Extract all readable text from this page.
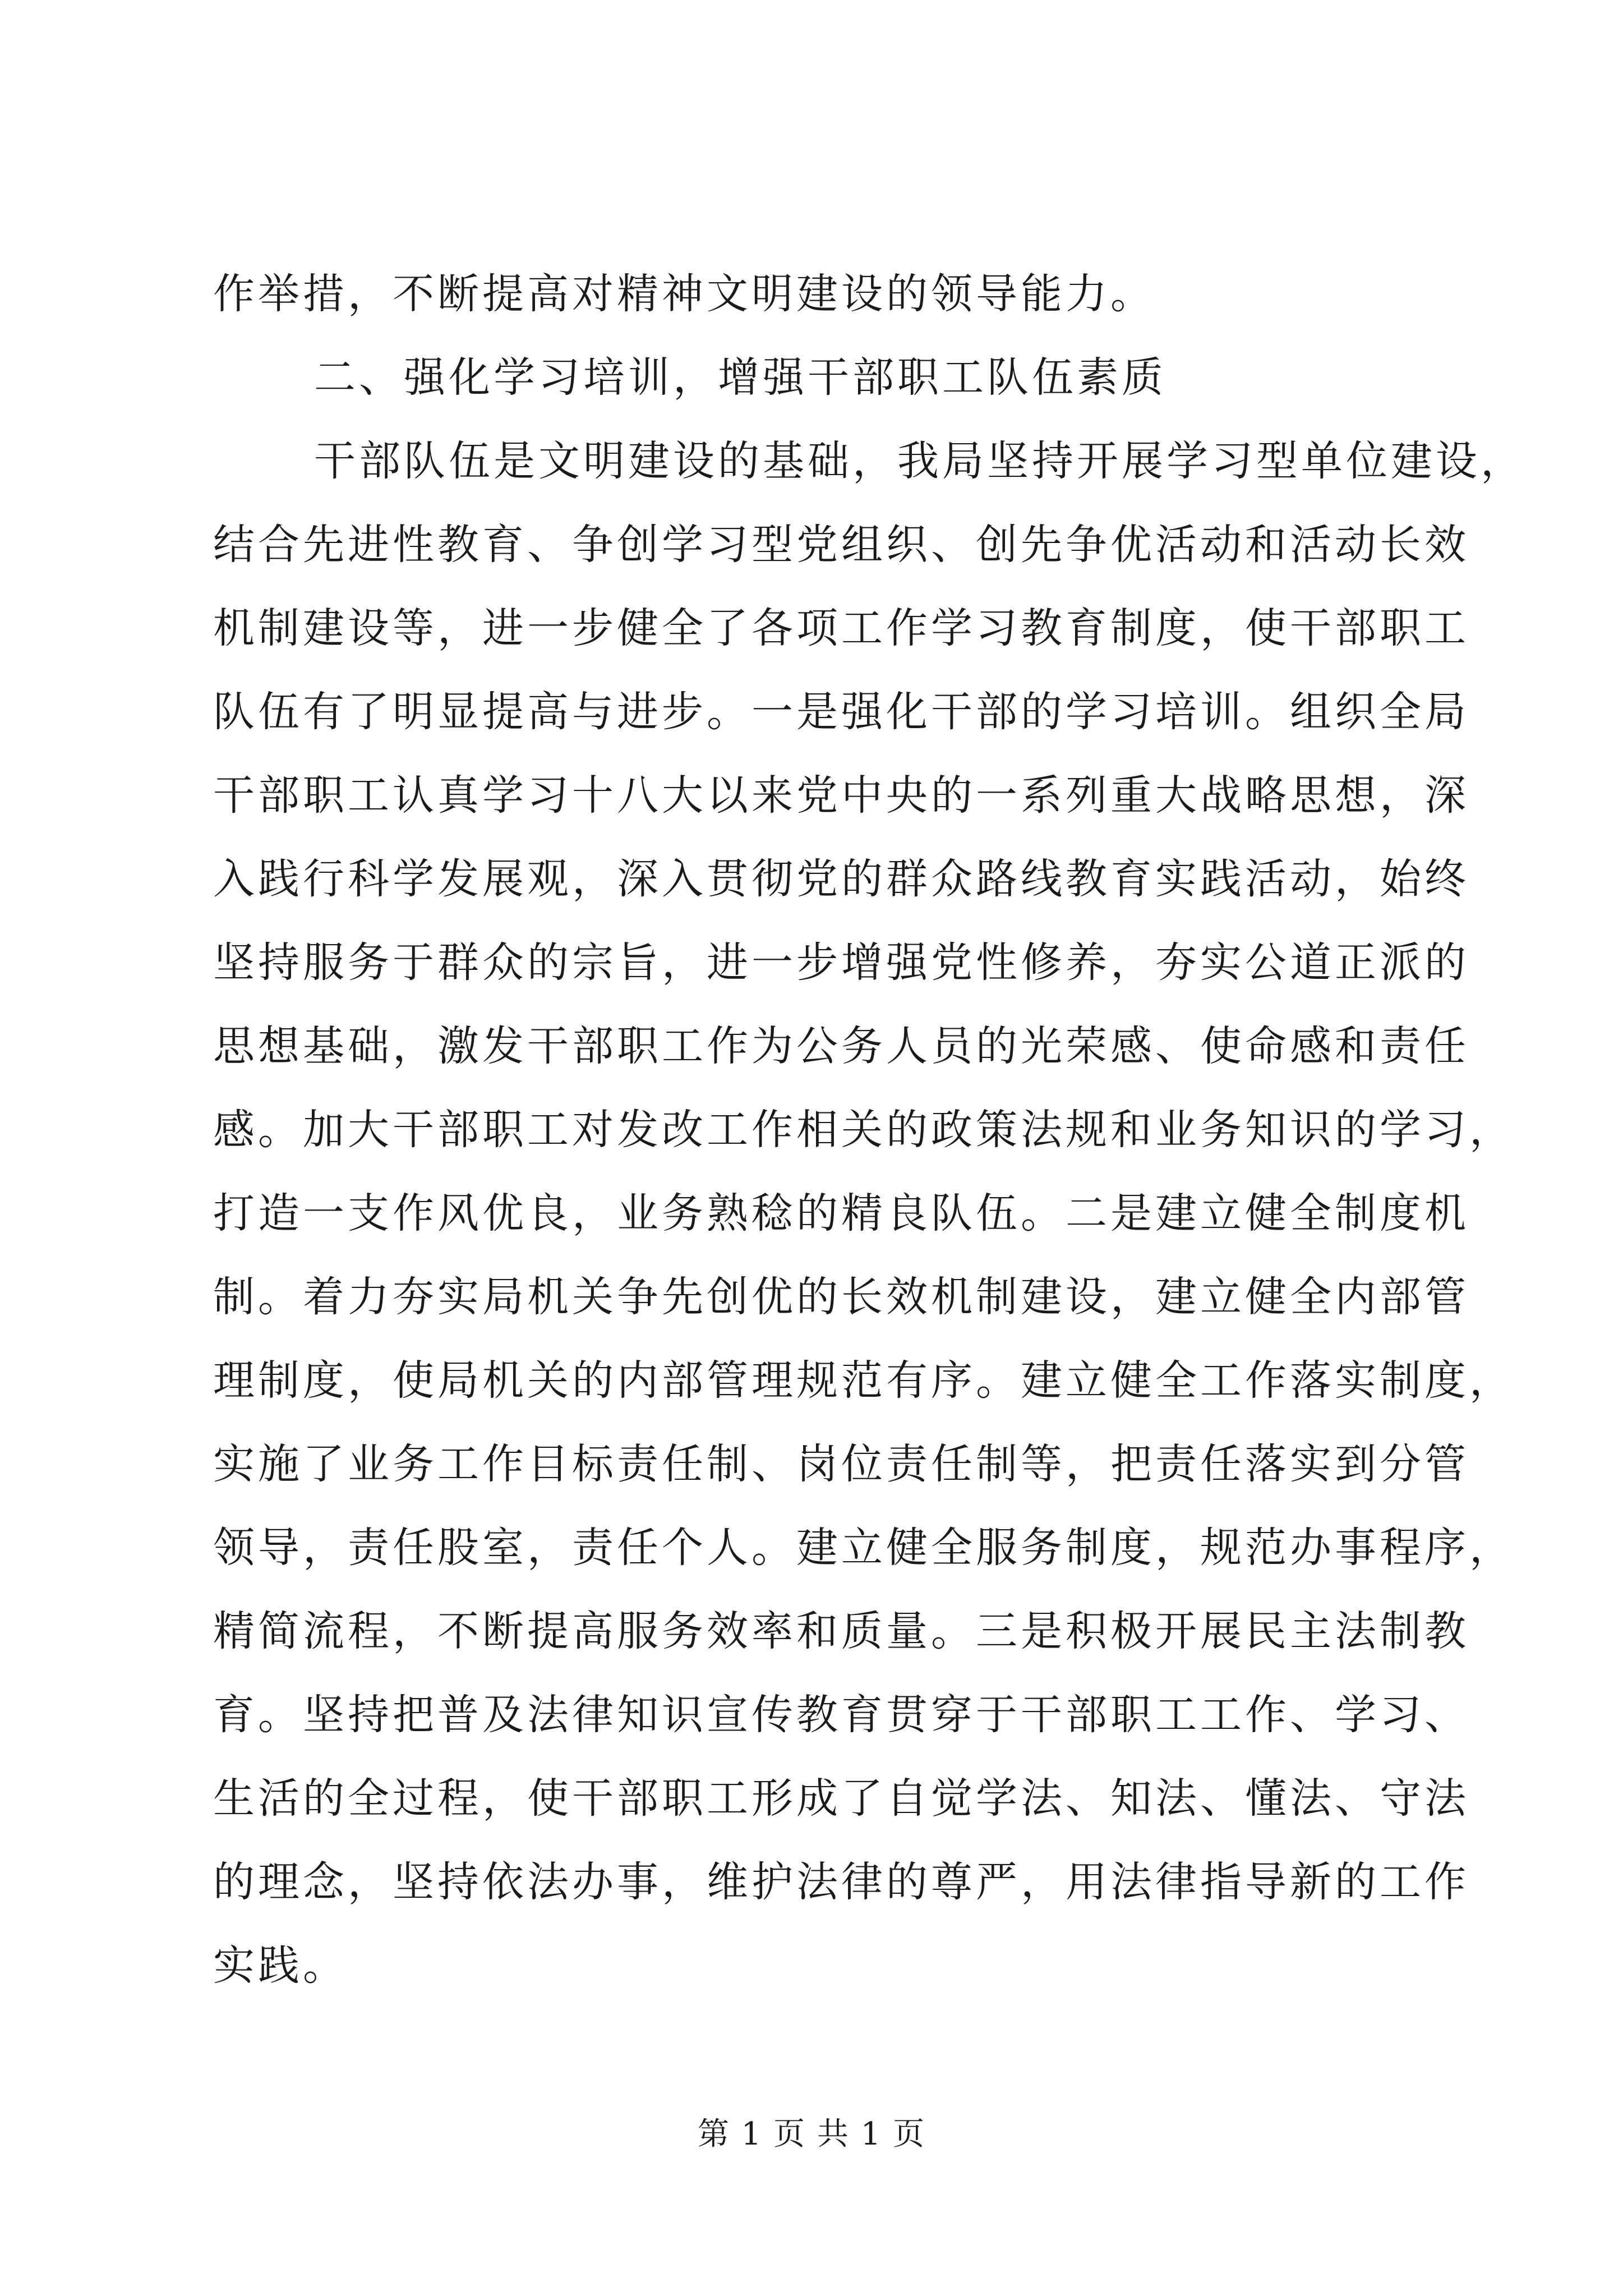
作举措，不断提高对精神文明建设的领导能力。
二、强化学习培训，增强干部职工队伍素质
干部队伍是文明建设的基础，我局坚持开展学习型单位建设，
结合先进性教育、争创学习型党组织、创先争优活动和活动长效
机制建设等，进一步健全了各项工作学习教育制度，使干部职工
队伍有了明显提高与进步。一是强化干部的学习培训。组织全局
干部职工认真学习十八大以来党中央的一系列重大战略思想，深
入践行科学发展观，深入贯彻党的群众路线教育实践活动，始终
坚持服务于群众的宗旨，进一步增强党性修养，夯实公道正派的
思想基础，激发干部职工作为公务人员的光荣感、使命感和责任
感。加大干部职工对发改工作相关的政策法规和业务知识的学习，
打造一支作风优良，业务熟稔的精良队伍。二是建立健全制度机
制。着力夯实局机关争先创优的长效机制建设，建立健全内部管
理制度，使局机关的内部管理规范有序。建立健全工作落实制度，
实施了业务工作目标责任制、岗位责任制等，把责任落实到分管
领导，责任股室，责任个人。建立健全服务制度，规范办事程序，
精简流程，不断提高服务效率和质量。三是积极开展民主法制教
育。坚持把普及法律知识宣传教育贯穿于干部职工工作、学习、
生活的全过程，使干部职工形成了自觉学法、知法、懂法、守法
的理念，坚持依法办事，维护法律的尊严，用法律指导新的工作
实践。
第 1 页 共 1 页
